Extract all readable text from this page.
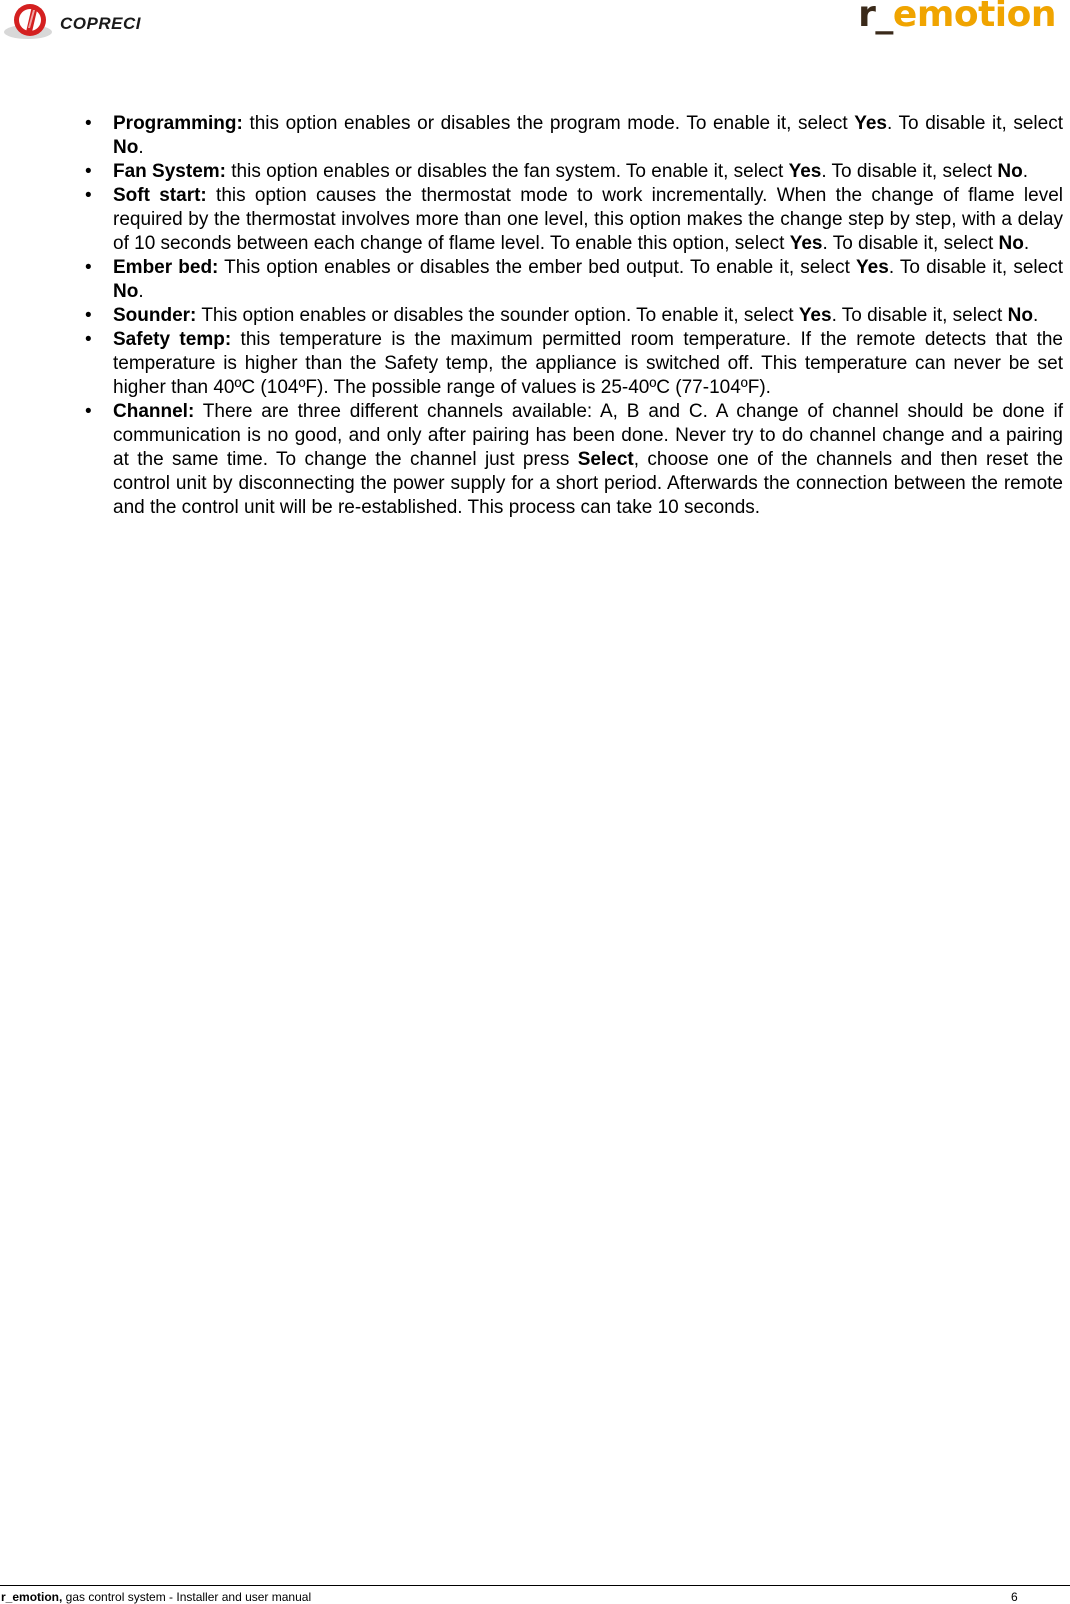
COPRECI	r_emotion
• Programming: this option enables or disables the program mode. To enable it, select Yes. To disable it, select No.
• Fan System: this option enables or disables the fan system. To enable it, select Yes. To disable it, select No.
• Soft start: this option causes the thermostat mode to work incrementally. When the change of flame level required by the thermostat involves more than one level, this option makes the change step by step, with a delay of 10 seconds between each change of flame level. To enable this option, select Yes. To disable it, select No.
• Ember bed: This option enables or disables the ember bed output. To enable it, select Yes. To disable it, select No.
• Sounder: This option enables or disables the sounder option. To enable it, select Yes. To disable it, select No.
• Safety temp: this temperature is the maximum permitted room temperature. If the remote detects that the temperature is higher than the Safety temp, the appliance is switched off. This temperature can never be set higher than 40ºC (104ºF). The possible range of values is 25-40ºC (77-104ºF).
• Channel: There are three different channels available: A, B and C. A change of channel should be done if communication is no good, and only after pairing has been done. Never try to do channel change and a pairing at the same time. To change the channel just press Select, choose one of the channels and then reset the control unit by disconnecting the power supply for a short period. Afterwards the connection between the remote and the control unit will be re-established. This process can take 10 seconds.
r_emotion, gas control system - Installer and user manual	6
